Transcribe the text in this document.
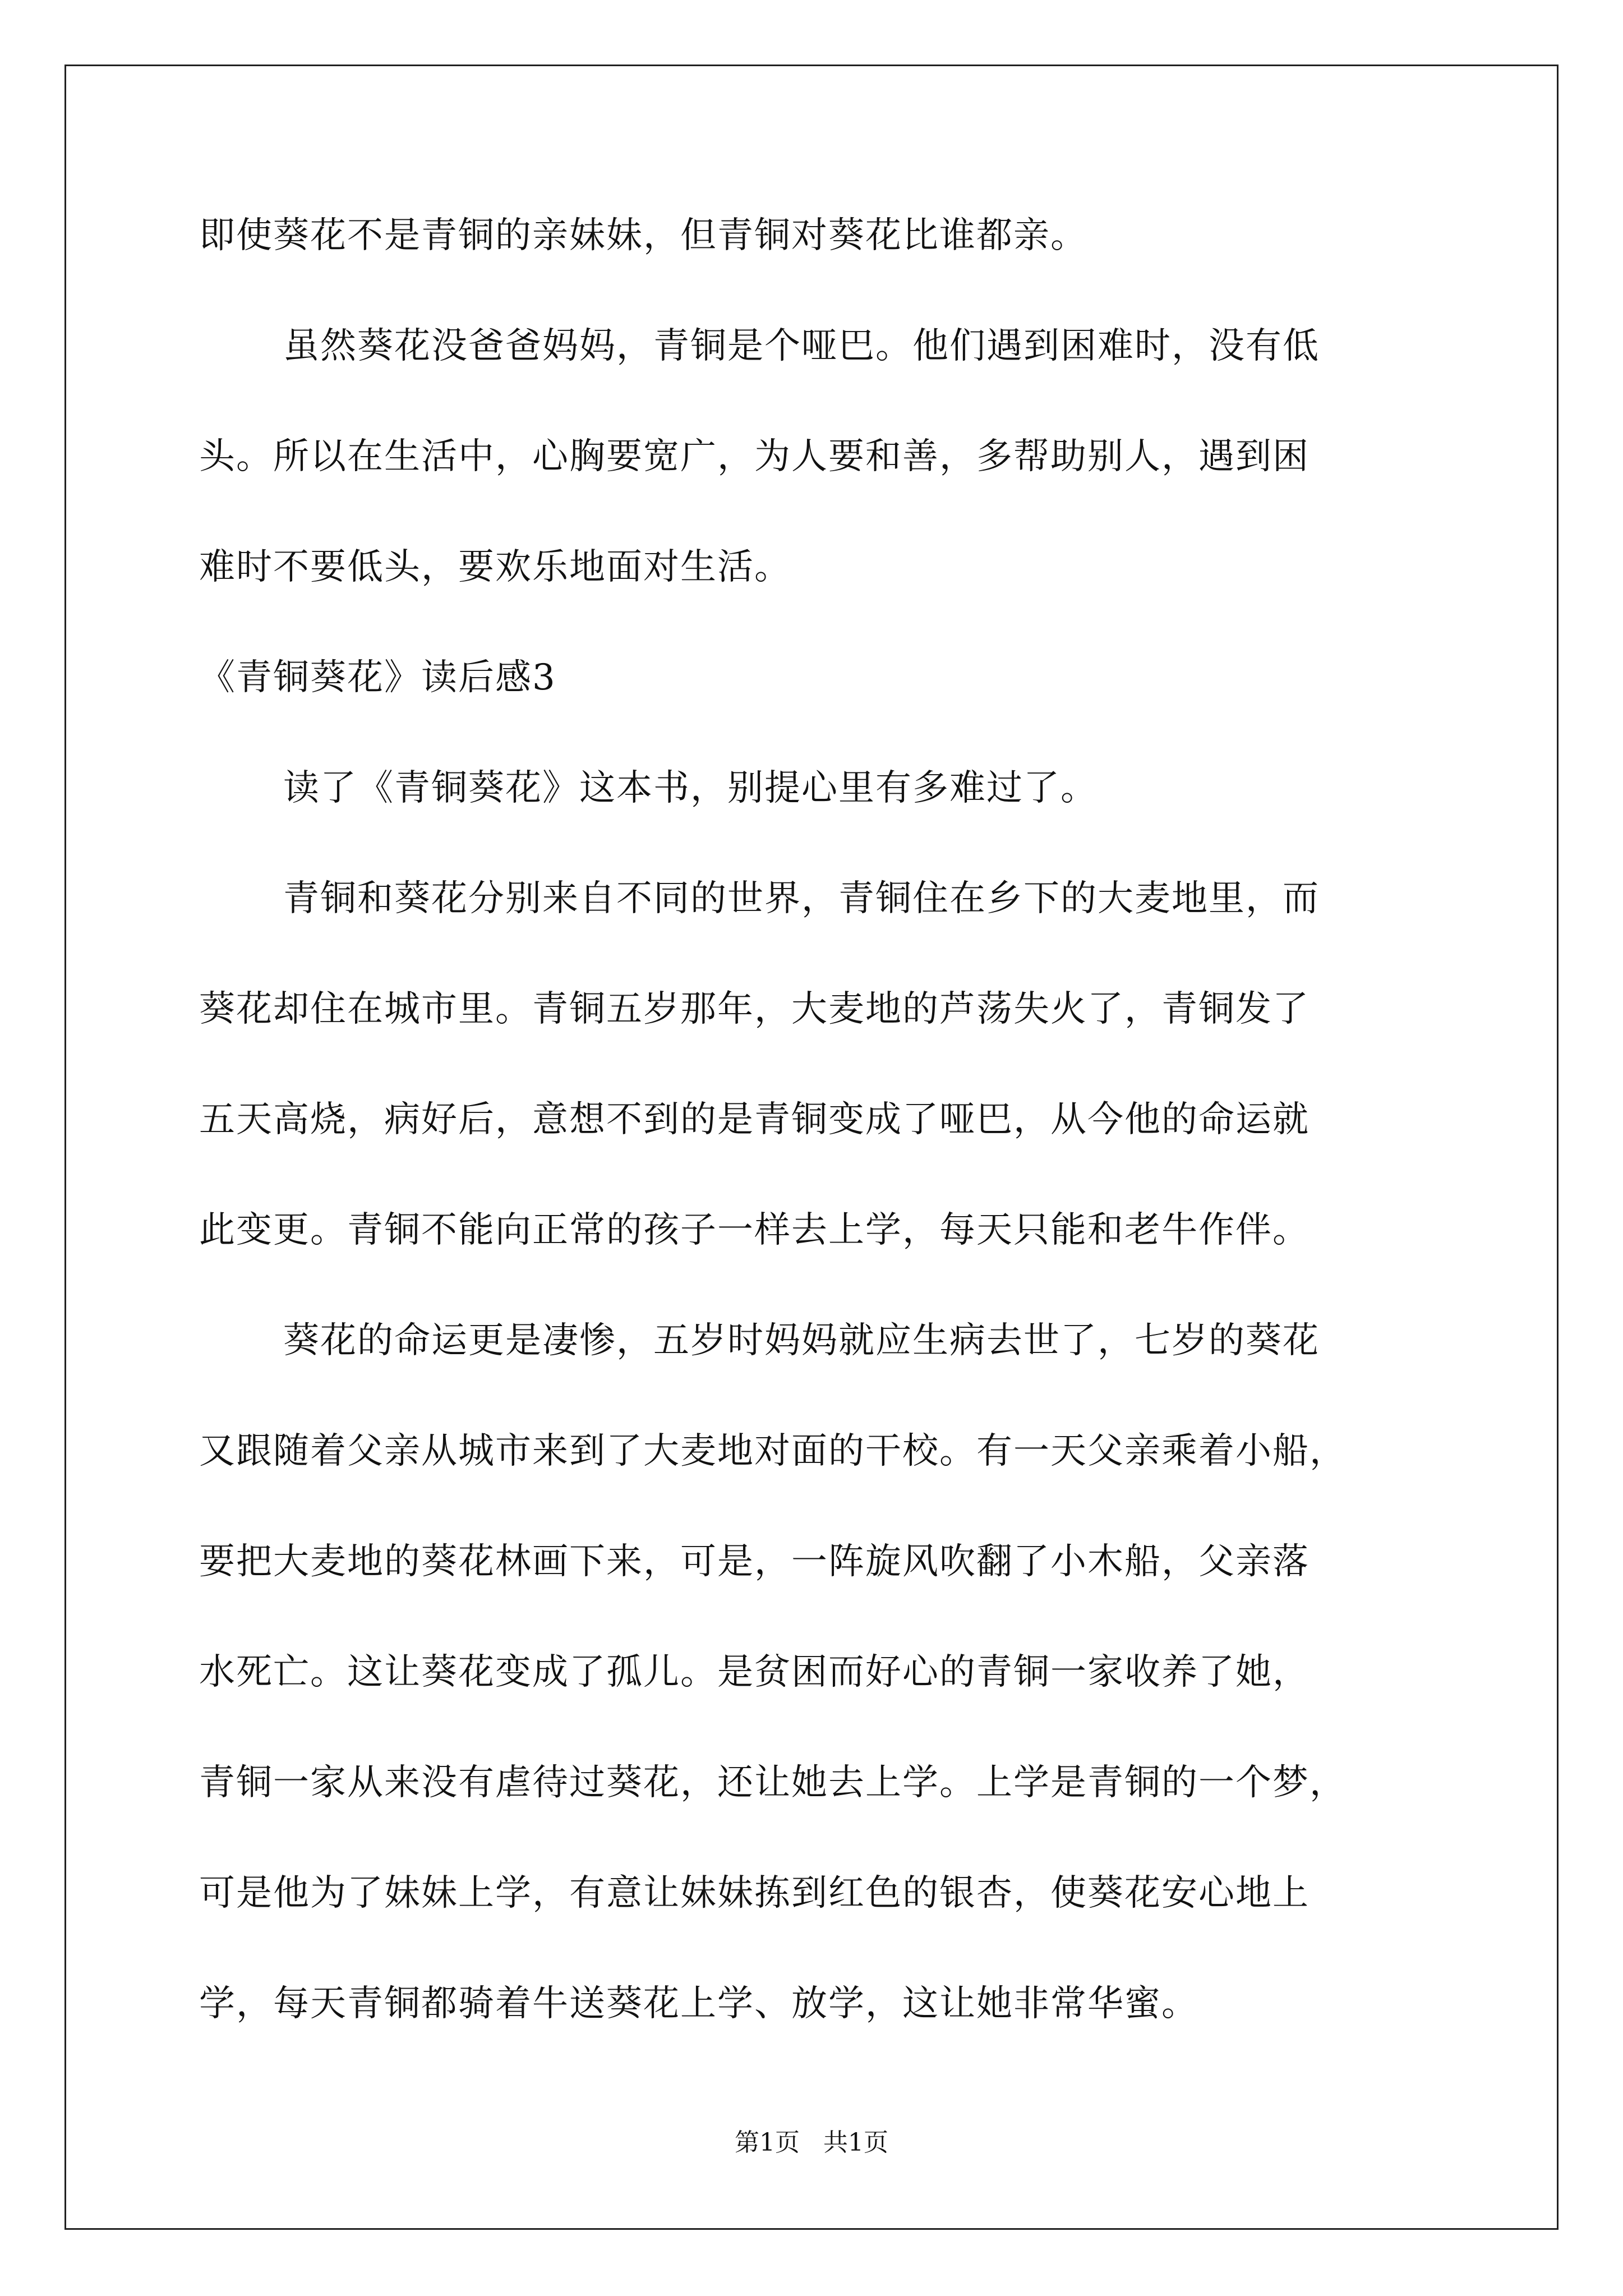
即使葵花不是青铜的亲妹妹，但青铜对葵花比谁都亲。
虽然葵花没爸爸妈妈，青铜是个哑巴。他们遇到困难时，没有低
头。所以在生活中，心胸要宽广，为人要和善，多帮助别人，遇到困
难时不要低头，要欢乐地面对生活。
《青铜葵花》读后感3
读了《青铜葵花》这本书，别提心里有多难过了。
青铜和葵花分别来自不同的世界，青铜住在乡下的大麦地里，而
葵花却住在城市里。青铜五岁那年，大麦地的芦荡失火了，青铜发了
五天高烧，病好后，意想不到的是青铜变成了哑巴，从今他的命运就
此变更。青铜不能向正常的孩子一样去上学，每天只能和老牛作伴。
葵花的命运更是凄惨，五岁时妈妈就应生病去世了，七岁的葵花
又跟随着父亲从城市来到了大麦地对面的干校。有一天父亲乘着小船，
要把大麦地的葵花林画下来，可是，一阵旋风吹翻了小木船，父亲落
水死亡。这让葵花变成了孤儿。是贫困而好心的青铜一家收养了她，
青铜一家从来没有虐待过葵花，还让她去上学。上学是青铜的一个梦，
可是他为了妹妹上学，有意让妹妹拣到红色的银杏，使葵花安心地上
学，每天青铜都骑着牛送葵花上学、放学，这让她非常华蜜。
第1页   共1页
